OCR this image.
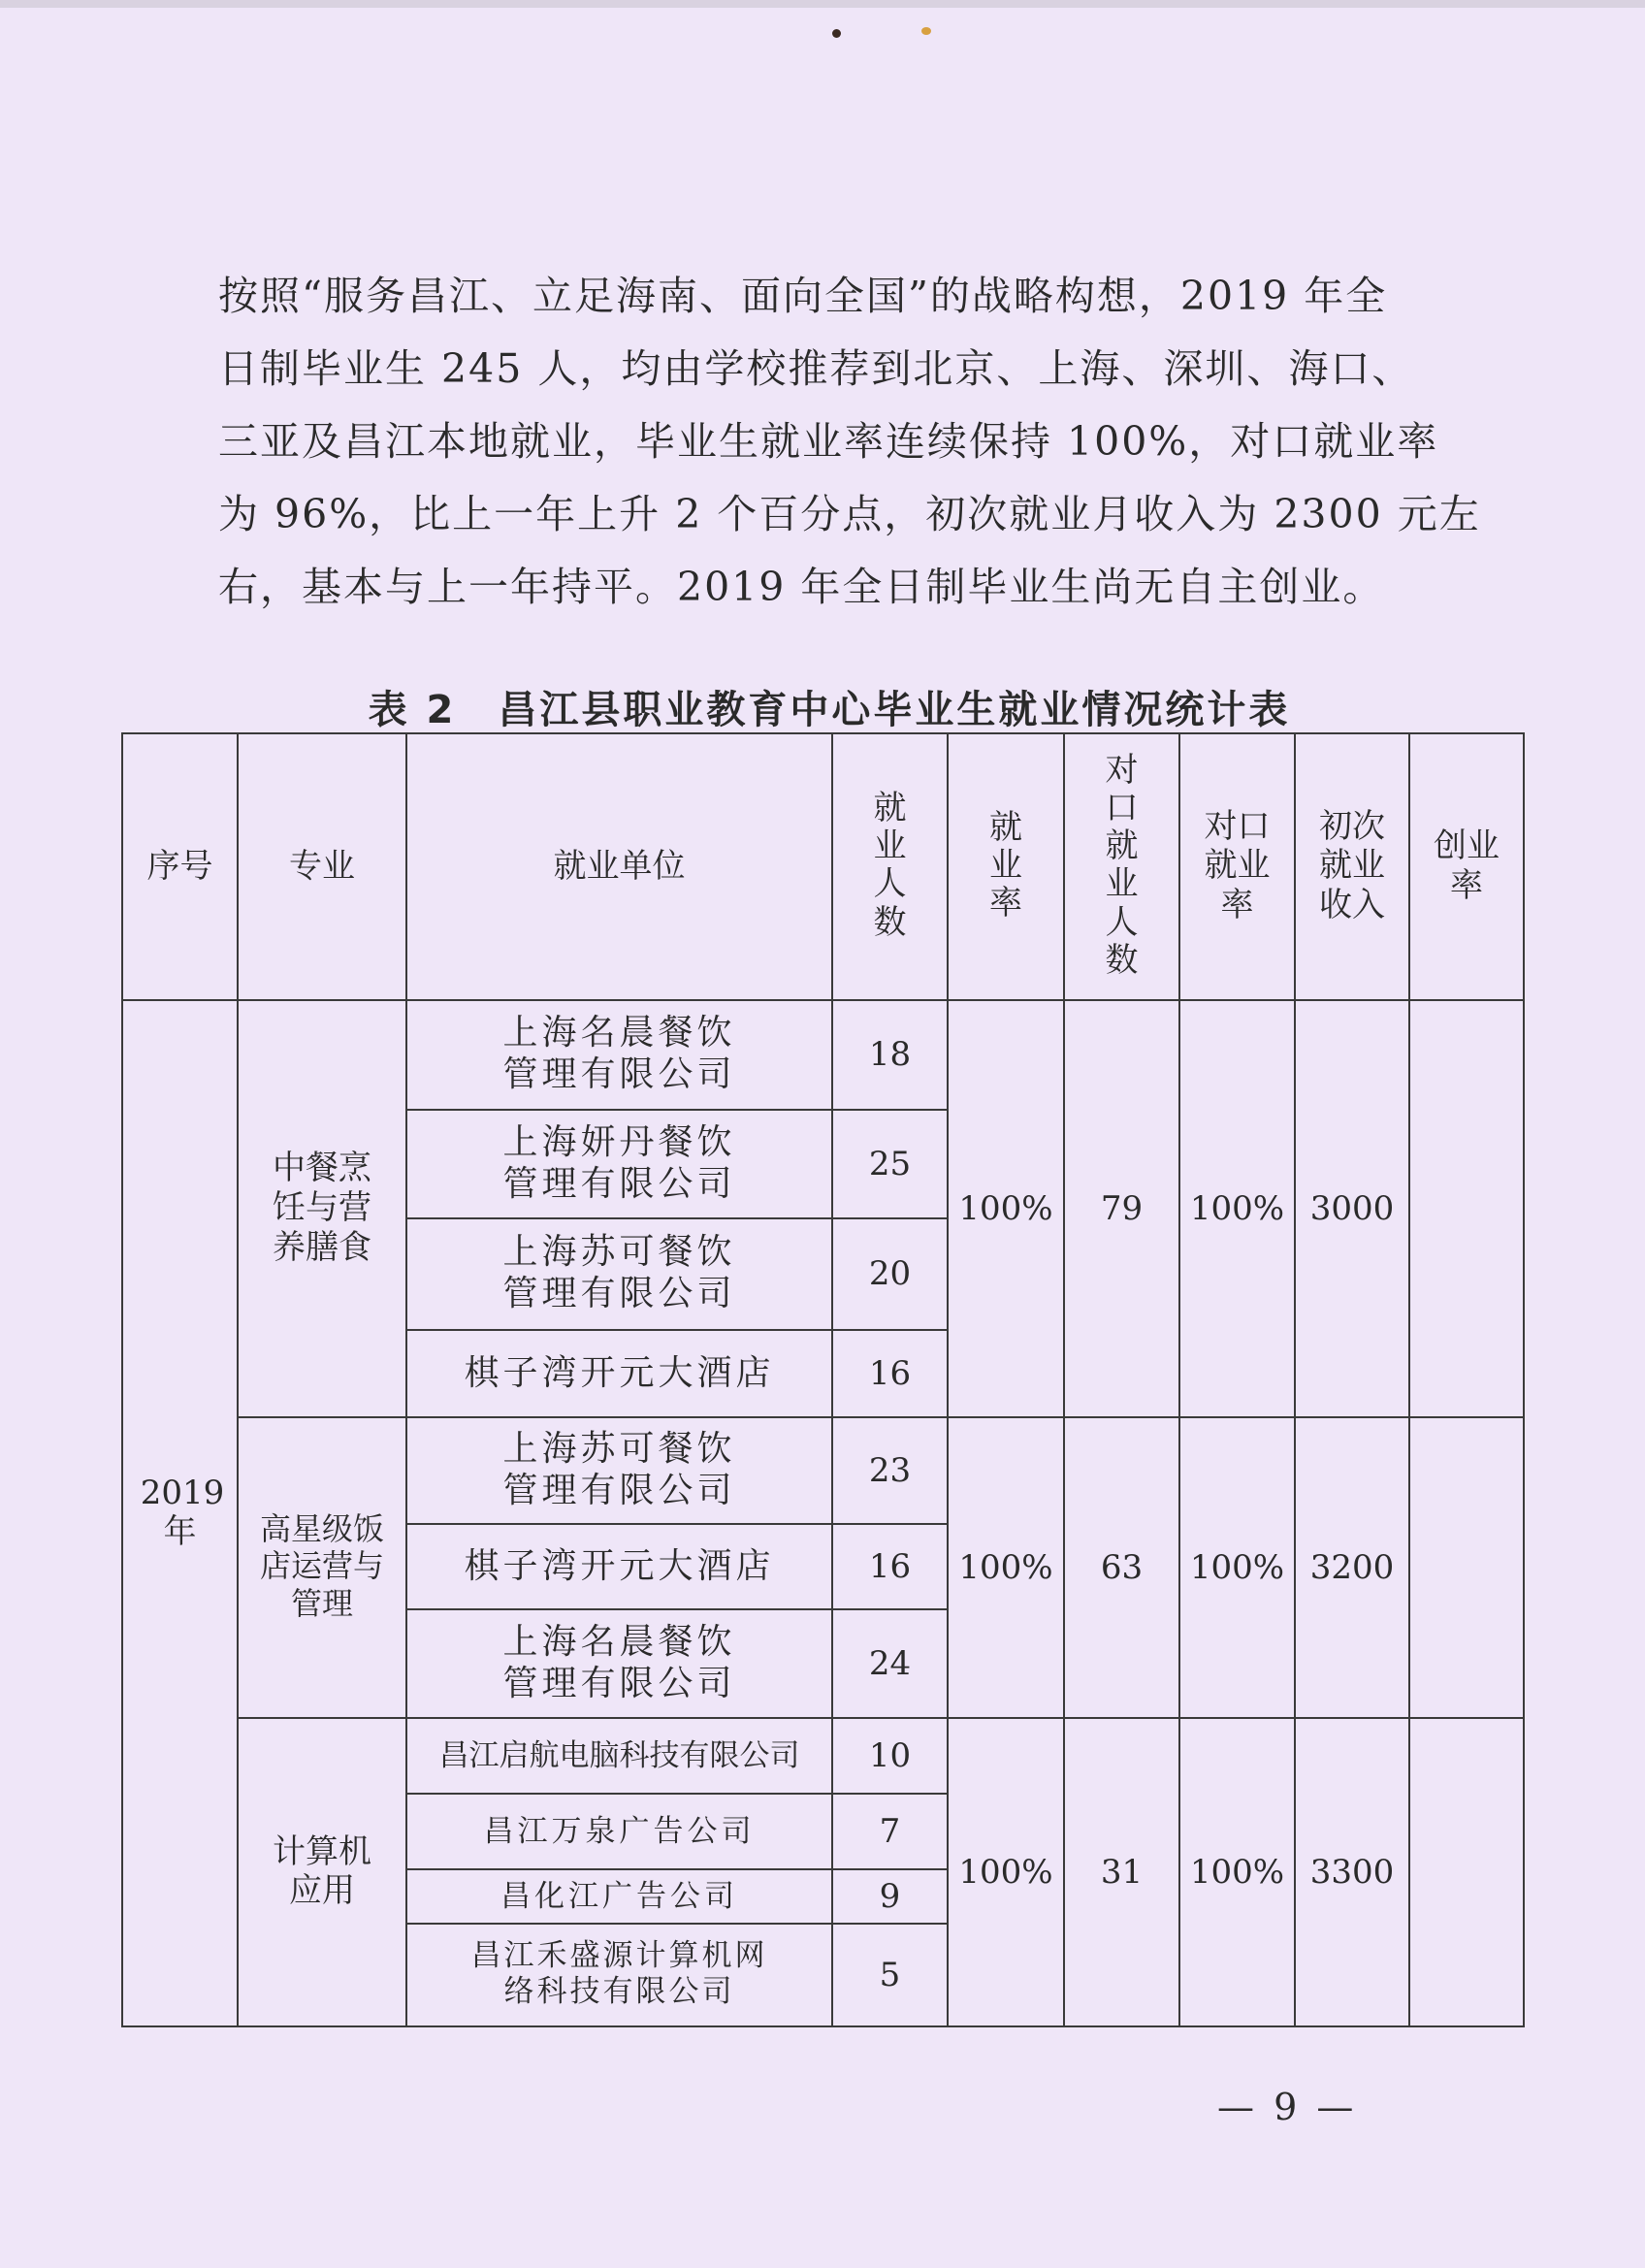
按照“服务昌江、立足海南、面向全国”的战略构想，2019 年全
日制毕业生 245 人，均由学校推荐到北京、上海、深圳、海口、
三亚及昌江本地就业，毕业生就业率连续保持 100%，对口就业率
为 96%，比上一年上升 2 个百分点，初次就业月收入为 2300 元左
右，基本与上一年持平。2019 年全日制毕业生尚无自主创业。
表 2　昌江县职业教育中心毕业生就业情况统计表
序号	专业	就业单位	就业人数	就业率	对口就业人数	对口就业率	初次就业收入	创业率
2019年	中餐烹饪与营养膳食	上海名晨餐饮管理有限公司	18	100%	79	100%	3000	
		上海妍丹餐饮管理有限公司	25					
		上海苏可餐饮管理有限公司	20					
		棋子湾开元大酒店	16					
	高星级饭店运营与管理	上海苏可餐饮管理有限公司	23	100%	63	100%	3200	
		棋子湾开元大酒店	16					
		上海名晨餐饮管理有限公司	24					
	计算机应用	昌江启航电脑科技有限公司	10	100%	31	100%	3300	
		昌江万泉广告公司	7					
		昌化江广告公司	9					
		昌江禾盛源计算机网络科技有限公司	5					
— 9 —
